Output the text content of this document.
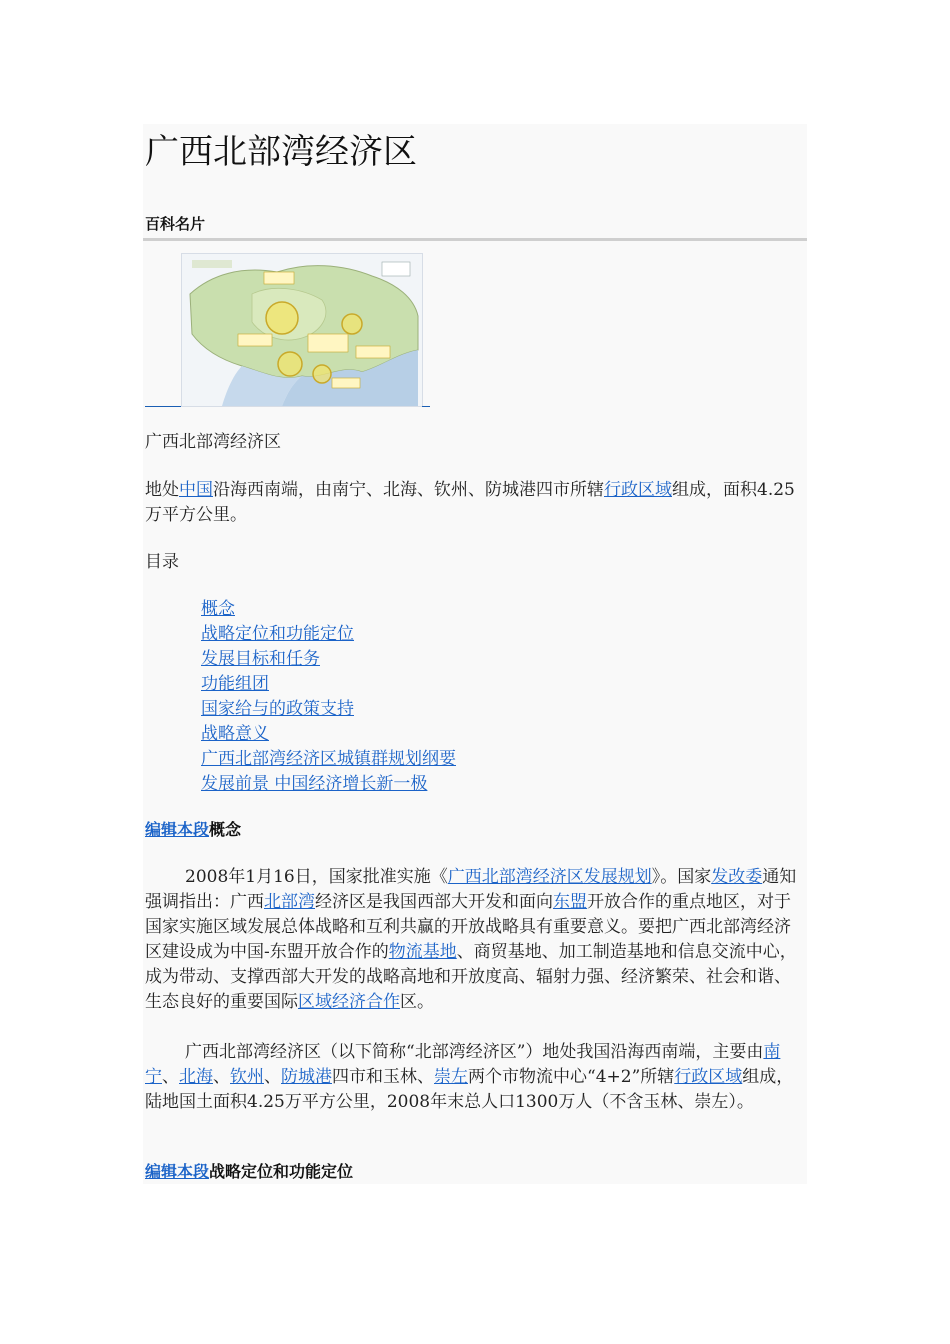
广西北部湾经济区
百科名片

广西北部湾经济区

地处中国沿海西南端，由南宁、北海、钦州、防城港四市所辖行政区域组成，面积4.25万平方公里。

目录

概念
战略定位和功能定位
发展目标和任务
功能组团
国家给与的政策支持
战略意义
广西北部湾经济区城镇群规划纲要
发展前景 中国经济增长新一极
编辑本段概念

2008年1月16日，国家批准实施《广西北部湾经济区发展规划》。国家发改委通知强调指出：广西北部湾经济区是我国西部大开发和面向东盟开放合作的重点地区，对于国家实施区域发展总体战略和互利共赢的开放战略具有重要意义。要把广西北部湾经济区建设成为中国-东盟开放合作的物流基地、商贸基地、加工制造基地和信息交流中心，成为带动、支撑西部大开发的战略高地和开放度高、辐射力强、经济繁荣、社会和谐、生态良好的重要国际区域经济合作区。

广西北部湾经济区（以下简称“北部湾经济区”）地处我国沿海西南端，主要由南宁、北海、钦州、防城港四市和玉林、崇左两个市物流中心“4+2”所辖行政区域组成，陆地国土面积4.25万平方公里，2008年末总人口1300万人（不含玉林、崇左）。

编辑本段战略定位和功能定位
